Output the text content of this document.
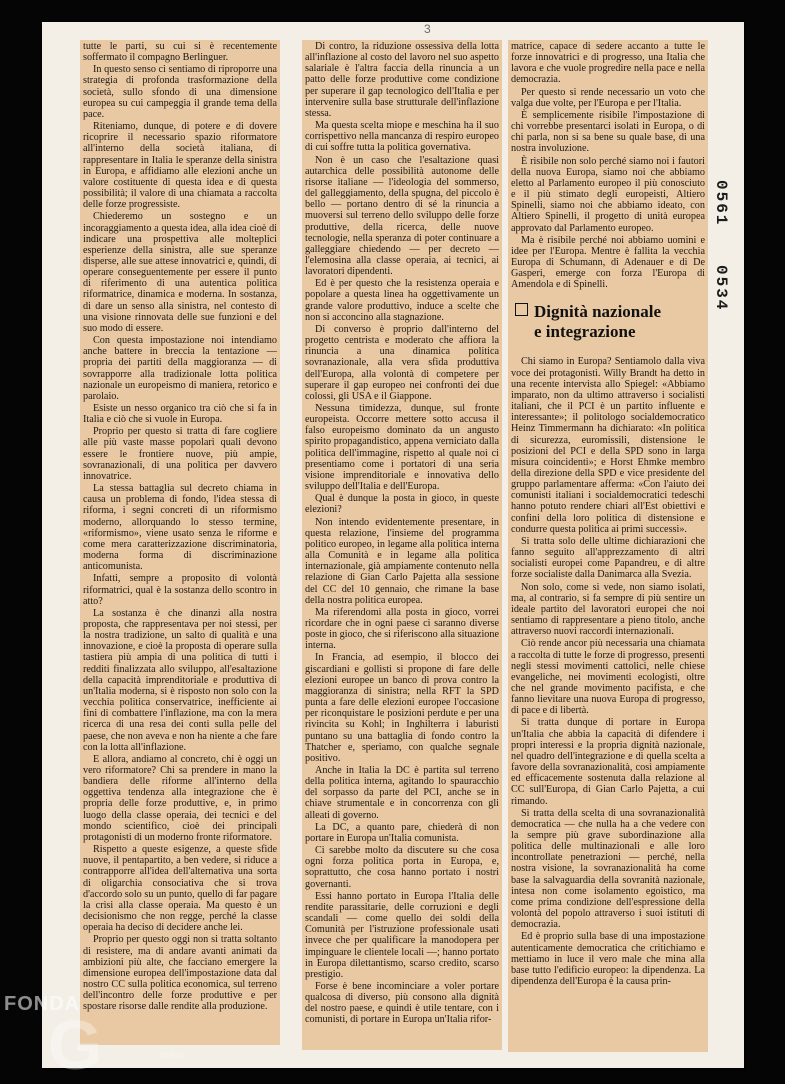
3

tutte le parti, su cui si è recentemente soffermato il compagno Berlinguer.

In questo senso ci sentiamo di riproporre una strategia di profonda trasformazione della società, sullo sfondo di una dimensione europea su cui campeggia il grande tema della pace.

Riteniamo, dunque, di potere e di dovere ricoprire il necessario spazio riformatore all'interno della società italiana, di rappresentare in Italia le speranze della sinistra in Europa, e affidiamo alle elezioni anche un valore costituente di questa idea e di questa possibilità; il valore di una chiamata a raccolta delle forze progressiste.

Chiederemo un sostegno e un incoraggiamento a questa idea, alla idea cioè di indicare una prospettiva alle molteplici esperienze della sinistra, alle sue speranze disperse, alle sue attese innovatrici e, quindi, di operare conseguentemente per essere il punto di riferimento di una autentica politica riformatrice, dinamica e moderna. In sostanza, di dare un senso alla sinistra, nel contesto di una visione rinnovata delle sue funzioni e del suo modo di essere.

Con questa impostazione noi intendiamo anche battere in breccia la tentazione — propria dei partiti della maggioranza — di sovrapporre alla tradizionale lotta politica nazionale un europeismo di maniera, retorico e parolaio.

Esiste un nesso organico tra ciò che si fa in Italia e ciò che si vuole in Europa.

Proprio per questo si tratta di fare cogliere alle più vaste masse popolari quali devono essere le frontiere nuove, più ampie, sovranazionali, di una politica per davvero innovatrice.

La stessa battaglia sul decreto chiama in causa un problema di fondo, l'idea stessa di riforma, i segni concreti di un riformismo moderno, allorquando lo stesso termine, «riformismo», viene usato senza le riforme e come mera caratterizzazione discriminatoria, moderna forma di discriminazione anticomunista.

Infatti, sempre a proposito di volontà riformatrici, qual è la sostanza dello scontro in atto?

La sostanza è che dinanzi alla nostra proposta, che rappresentava per noi stessi, per la nostra tradizione, un salto di qualità e una innovazione, e cioè la proposta di operare sulla tastiera più ampia di una politica di tutti i redditi finalizzata allo sviluppo, all'esaltazione della capacità imprenditoriale e produttiva di un'Italia moderna, si è risposto non solo con la vecchia politica conservatrice, inefficiente ai fini di combattere l'inflazione, ma con la mera ricerca di una resa dei conti sulla pelle del paese, che non aveva e non ha niente a che fare con la lotta all'inflazione.

E allora, andiamo al concreto, chi è oggi un vero riformatore? Chi sa prendere in mano la bandiera delle riforme all'interno della oggettiva tendenza alla integrazione che è propria delle forze produttive, e, in primo luogo della classe operaia, dei tecnici e del mondo scientifico, cioè dei principali protagonisti di un moderno fronte riformatore.

Rispetto a queste esigenze, a queste sfide nuove, il pentapartito, a ben vedere, si riduce a contrapporre all'idea dell'alternativa una sorta di oligarchia consociativa che si trova d'accordo solo su un punto, quello di far pagare la crisi alla classe operaia. Ma questo è un decisionismo che non regge, perché la classe operaia ha deciso di decidere anche lei.

Proprio per questo oggi non si tratta soltanto di resistere, ma di andare avanti animati da ambizioni più alte, che facciano emergere la dimensione europea dell'impostazione data dal nostro CC sulla politica economica, sul terreno dell'incontro delle forze produttive e per spostare risorse dalle rendite alla produzione.

Di contro, la riduzione ossessiva della lotta all'inflazione al costo del lavoro nel suo aspetto salariale è l'altra faccia della rinuncia a un patto delle forze produttive come condizione per superare il gap tecnologico dell'Italia e per intervenire sulla base strutturale dell'inflazione stessa.

Ma questa scelta miope e meschina ha il suo corrispettivo nella mancanza di respiro europeo di cui soffre tutta la politica governativa.

Non è un caso che l'esaltazione quasi autarchica delle possibilità autonome delle risorse italiane — l'ideologia del sommerso, del galleggiamento, della spugna, del piccolo è bello — portano dentro di sé la rinuncia a muoversi sul terreno dello sviluppo delle forze produttive, della ricerca, delle nuove tecnologie, nella speranza di poter continuare a galleggiare chiedendo — per decreto — l'elemosina alla classe operaia, ai tecnici, ai lavoratori dipendenti.

Ed è per questo che la resistenza operaia e popolare a questa linea ha oggettivamente un grande valore produttivo, induce a scelte che non si acconcino alla stagnazione.

Di converso è proprio dall'interno del progetto centrista e moderato che affiora la rinuncia a una dinamica politica sovranazionale, alla vera sfida produttiva dell'Europa, alla volontà di competere per superare il gap europeo nei confronti dei due colossi, gli USA e il Giappone.

Nessuna timidezza, dunque, sul fronte europeista. Occorre mettere sotto accusa il falso europeismo dominato da un angusto spirito propagandistico, appena verniciato dalla politica dell'immagine, rispetto al quale noi ci presentiamo come i portatori di una seria visione imprenditoriale e innovativa dello sviluppo dell'Italia e dell'Europa.

Qual è dunque la posta in gioco, in queste elezioni?

Non intendo evidentemente presentare, in questa relazione, l'insieme del programma politico europeo, in legame alla politica interna alla Comunità e in legame alla politica internazionale, già ampiamente contenuto nella relazione di Gian Carlo Pajetta alla sessione del CC del 10 gennaio, che rimane la base della nostra politica europea.

Ma riferendomi alla posta in gioco, vorrei ricordare che in ogni paese ci saranno diverse poste in gioco, che si riferiscono alla situazione interna.

In Francia, ad esempio, il blocco dei giscardiani e gollisti si propone di fare delle elezioni europee un banco di prova contro la maggioranza di sinistra; nella RFT la SPD punta a fare delle elezioni europee l'occasione per riconquistare le posizioni perdute e per una rivincita su Kohl; in Inghilterra i laburisti puntano su una battaglia di fondo contro la Thatcher e, speriamo, con qualche segnale positivo.

Anche in Italia la DC è partita sul terreno della politica interna, agitando lo spauracchio del sorpasso da parte del PCI, anche se in chiave strumentale e in concorrenza con gli alleati di governo.

La DC, a quanto pare, chiederà di non portare in Europa un'Italia comunista.

Ci sarebbe molto da discutere su che cosa ogni forza politica porta in Europa, e, soprattutto, che cosa hanno portato i nostri governanti.

Essi hanno portato in Europa l'Italia delle rendite parassitarie, delle corruzioni e degli scandali — come quello dei soldi della Comunità per l'istruzione professionale usati invece che per qualificare la manodopera per impinguare le clientele locali —; hanno portato in Europa dilettantismo, scarso credito, scarso prestigio.

Forse è bene incominciare a voler portare qualcosa di diverso, più consono alla dignità del nostro paese, e quindi è utile tentare, con i comunisti, di portare in Europa un'Italia rifor-

matrice, capace di sedere accanto a tutte le forze innovatrici e di progresso, una Italia che lavora e che vuole progredire nella pace e nella democrazia.

Per questo si rende necessario un voto che valga due volte, per l'Europa e per l'Italia.

È semplicemente risibile l'impostazione di chi vorrebbe presentarci isolati in Europa, o di chi parla, non si sa bene su quale base, di una nostra involuzione.

È risibile non solo perché siamo noi i fautori della nuova Europa, siamo noi che abbiamo eletto al Parlamento europeo il più conosciuto e il più stimato degli europeisti, Altiero Spinelli, siamo noi che abbiamo ideato, con Altiero Spinelli, il progetto di unità europea approvato dal Parlamento europeo.

Ma è risibile perché noi abbiamo uomini e idee per l'Europa. Mentre è fallita la vecchia Europa di Schumann, di Adenauer e di De Gasperi, emerge con forza l'Europa di Amendola e di Spinelli.

Dignità nazionale
e integrazione

Chi siamo in Europa? Sentiamolo dalla viva voce dei protagonisti. Willy Brandt ha detto in una recente intervista allo Spiegel: «Abbiamo imparato, non da ultimo attraverso i socialisti italiani, che il PCI è un partito influente e interessante»; il politologo socialdemocratico Heinz Timmermann ha dichiarato: «In politica di sicurezza, euromissili, distensione le posizioni del PCI e della SPD sono in larga misura coincidenti»; e Horst Ehmke membro della direzione della SPD e vice presidente del gruppo parlamentare afferma: «Con l'aiuto dei comunisti italiani i socialdemocratici tedeschi hanno potuto rendere chiari all'Est obiettivi e confini della loro politica di distensione e condurre questa politica ai primi successi».

Si tratta solo delle ultime dichiarazioni che fanno seguito all'apprezzamento di altri socialisti europei come Papandreu, e di altre forze socialiste dalla Danimarca alla Svezia.

Non solo, come si vede, non siamo isolati, ma, al contrario, si fa sempre di più sentire un ideale partito del lavoratori europei che noi sentiamo di rappresentare a pieno titolo, anche attraverso nuovi raccordi internazionali.

Ciò rende ancor più necessaria una chiamata a raccolta di tutte le forze di progresso, presenti negli stessi movimenti cattolici, nelle chiese evangeliche, nei movimenti ecologisti, oltre che nel grande movimento pacifista, e che fanno lievitare una nuova Europa di progresso, di pace e di libertà.

Si tratta dunque di portare in Europa un'Italia che abbia la capacità di difendere i propri interessi e la propria dignità nazionale, nel quadro dell'integrazione e di quella scelta a favore della sovranazionalità, così ampiamente ed efficacemente sostenuta dalla relazione al CC sull'Europa, di Gian Carlo Pajetta, a cui rimando.

Si tratta della scelta di una sovranazionalità democratica — che nulla ha a che vedere con la sempre più grave subordinazione alla politica delle multinazionali e alle loro incontrollate penetrazioni — perché, nella nostra visione, la sovranazionalità ha come base la salvaguardia della sovranità nazionale, intesa non come isolamento egoistico, ma come prima condizione dell'espressione della volontà del popolo attraverso i suoi istituti di democrazia.

Ed è proprio sulla base di una impostazione autenticamente democratica che critichiamo e mettiamo in luce il vero male che mina alla base tutto l'edificio europeo: la dipendenza. La dipendenza dell'Europa è la causa prin-

0561
0534
FONDA
G	onlus
